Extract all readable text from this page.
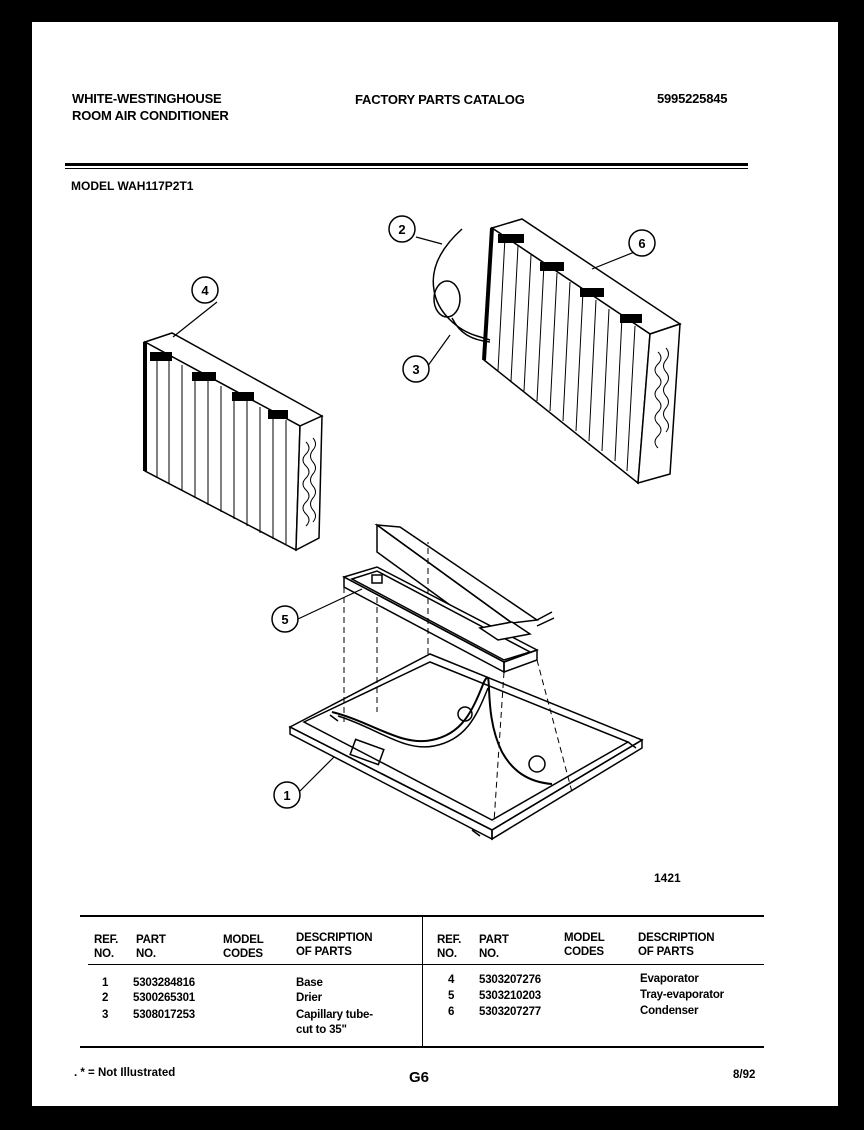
WHITE-WESTINGHOUSE
ROOM AIR CONDITIONER
FACTORY PARTS CATALOG	5995225845
MODEL WAH117P2T1
1
2
3
4
5
6
1421
REF.
NO.
PART
NO.
MODEL
CODES
DESCRIPTION
OF PARTS
REF.
NO.
PART
NO.
MODEL
CODES
DESCRIPTION
OF PARTS
1 5303284816	Base
2 5300265301	Drier
3 5308017253	Capillary tube-
cut to 35"
4 5303207276	Evaporator
5 5303210203	Tray-evaporator
6 5303207277	Condenser
. * = Not Illustrated	G6	8/92
